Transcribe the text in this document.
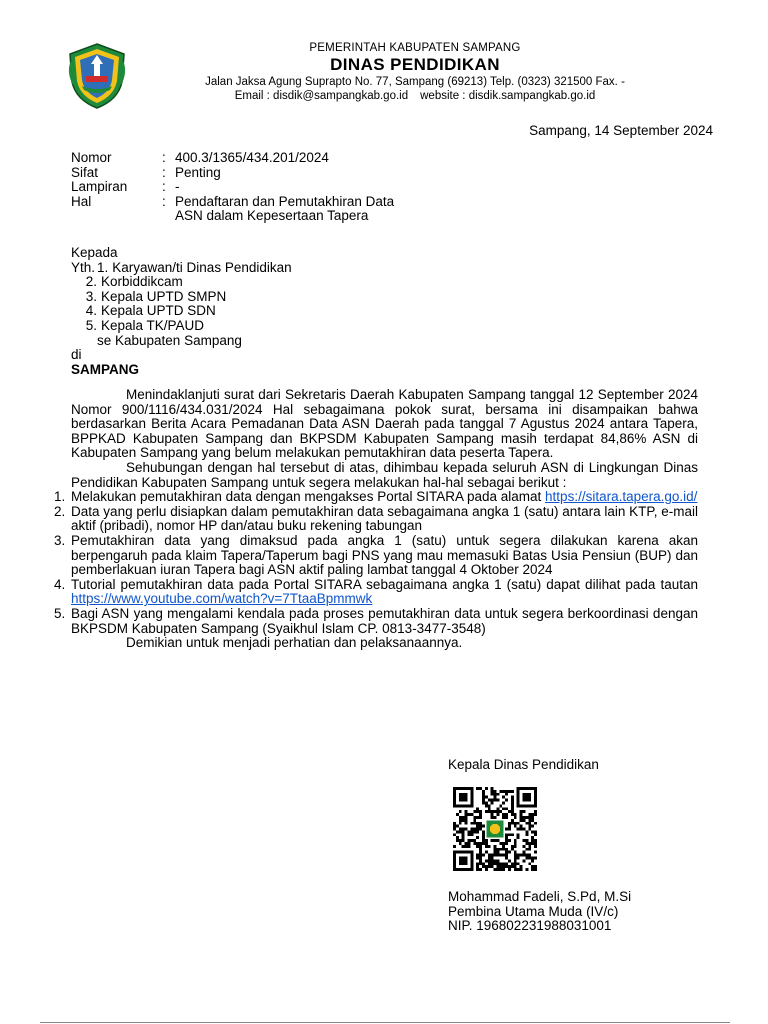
PEMERINTAH KABUPATEN SAMPANG
DINAS PENDIDIKAN
Jalan Jaksa Agung Suprapto No. 77, Sampang (69213) Telp. (0323) 321500 Fax. -
Email : disdik@sampangkab.go.id website : disdik.sampangkab.go.id
Sampang, 14 September 2024
Nomor	: 400.3/1365/434.201/2024
Sifat	: Penting
Lampiran	: -
Hal	: Pendaftaran dan Pemutakhiran Data ASN dalam Kepesertaan Tapera
Kepada
Yth. 1. Karyawan/ti Dinas Pendidikan
2. Korbiddikcam
3. Kepala UPTD SMPN
4. Kepala UPTD SDN
5. Kepala TK/PAUD
se Kabupaten Sampang
di
SAMPANG

Menindaklanjuti surat dari Sekretaris Daerah Kabupaten Sampang tanggal 12 September 2024 Nomor 900/1116/434.031/2024 Hal sebagaimana pokok surat, bersama ini disampaikan bahwa berdasarkan Berita Acara Pemadanan Data ASN Daerah pada tanggal 7 Agustus 2024 antara Tapera, BPPKAD Kabupaten Sampang dan BKPSDM Kabupaten Sampang masih terdapat 84,86% ASN di Kabupaten Sampang yang belum melakukan pemutakhiran data peserta Tapera.

Sehubungan dengan hal tersebut di atas, dihimbau kepada seluruh ASN di Lingkungan Dinas Pendidikan Kabupaten Sampang untuk segera melakukan hal-hal sebagai berikut :

1. Melakukan pemutakhiran data dengan mengakses Portal SITARA pada alamat https://sitara.tapera.go.id/
2. Data yang perlu disiapkan dalam pemutakhiran data sebagaimana angka 1 (satu) antara lain KTP, e-mail aktif (pribadi), nomor HP dan/atau buku rekening tabungan
3. Pemutakhiran data yang dimaksud pada angka 1 (satu) untuk segera dilakukan karena akan berpengaruh pada klaim Tapera/Taperum bagi PNS yang mau memasuki Batas Usia Pensiun (BUP) dan pemberlakuan iuran Tapera bagi ASN aktif paling lambat tanggal 4 Oktober 2024
4. Tutorial pemutakhiran data pada Portal SITARA sebagaimana angka 1 (satu) dapat dilihat pada tautan https://www.youtube.com/watch?v=7TtaaBpmmwk
5. Bagi ASN yang mengalami kendala pada proses pemutakhiran data untuk segera berkoordinasi dengan BKPSDM Kabupaten Sampang (Syaikhul Islam CP. 0813-3477-3548)
Demikian untuk menjadi perhatian dan pelaksanaannya.
Kepala Dinas Pendidikan
Mohammad Fadeli, S.Pd, M.Si
Pembina Utama Muda (IV/c)
NIP. 196802231988031001
